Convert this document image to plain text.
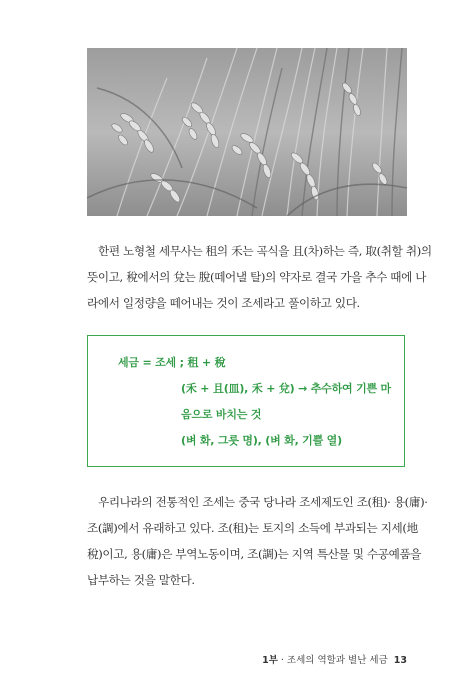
한편 노형철 세무사는 租의 禾는 곡식을 且(차)하는 즉, 取(취할 취)의
뜻이고, 稅에서의 兌는 脫(떼어낼 탈)의 약자로 결국 가을 추수 때에 나
라에서 일정량을 떼어내는 것이 조세라고 풀이하고 있다.

세금 = 조세 ; 租 + 稅
(禾 + 且(皿), 禾 + 兌) → 추수하여 기쁜 마
음으로 바치는 것
(벼 화, 그릇 명), (벼 화, 기쁠 열)

우리나라의 전통적인 조세는 중국 당나라 조세제도인 조(租)· 용(庸)·
조(調)에서 유래하고 있다. 조(租)는 토지의 소득에 부과되는 지세(地
稅)이고, 용(庸)은 부역노동이며, 조(調)는 지역 특산물 및 수공예품을
납부하는 것을 말한다.

1부 · 조세의 역할과 별난 세금 13
